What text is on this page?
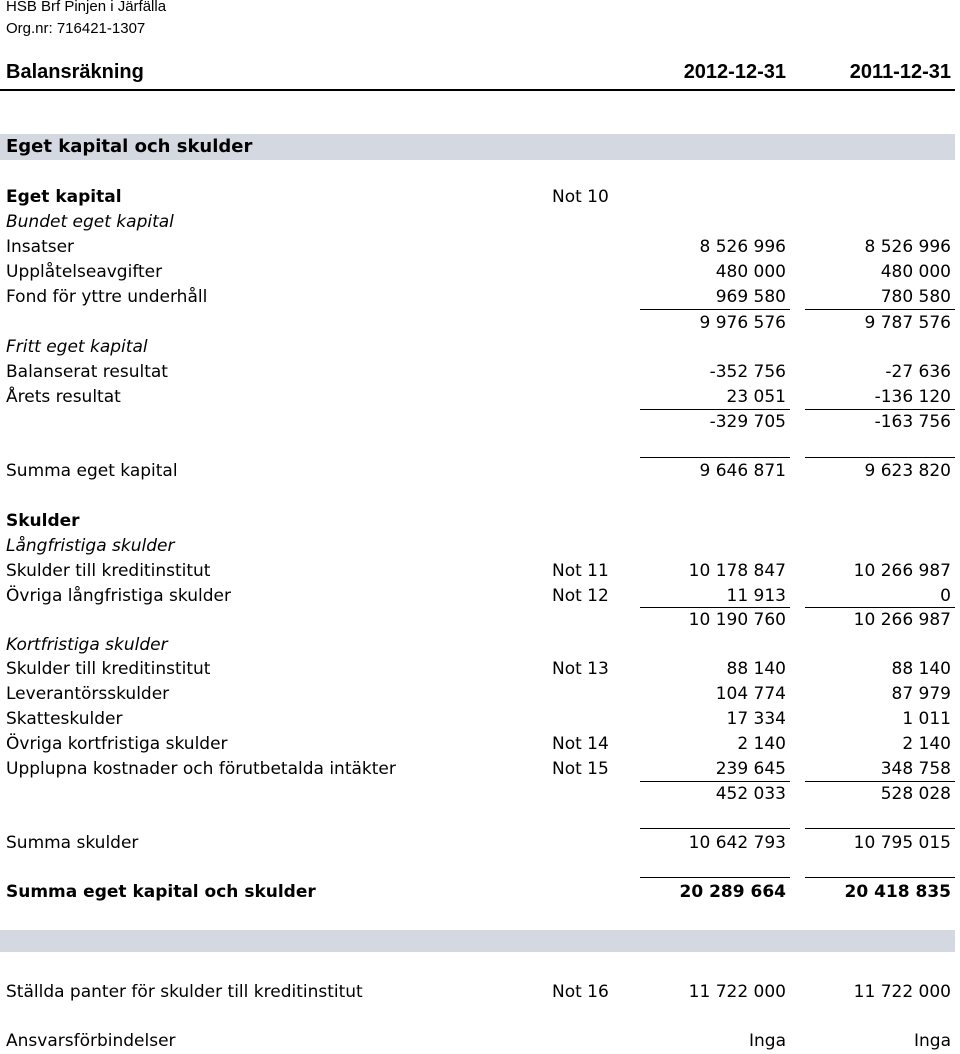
HSB Brf Pinjen i Järfälla
Org.nr: 716421-1307
Balansräkning	2012-12-31	2011-12-31
Eget kapital och skulder
Eget kapital	Not 10
Bundet eget kapital
Insatser	8 526 996	8 526 996
Upplåtelseavgifter	480 000	480 000
Fond för yttre underhåll	969 580	780 580
9 976 576	9 787 576
Fritt eget kapital
Balanserat resultat	-352 756	-27 636
Årets resultat	23 051	-136 120
-329 705	-163 756
Summa eget kapital	9 646 871	9 623 820
Skulder
Långfristiga skulder
Skulder till kreditinstitut	Not 11	10 178 847	10 266 987
Övriga långfristiga skulder	Not 12	11 913	0
10 190 760	10 266 987
Kortfristiga skulder
Skulder till kreditinstitut	Not 13	88 140	88 140
Leverantörsskulder	104 774	87 979
Skatteskulder	17 334	1 011
Övriga kortfristiga skulder	Not 14	2 140	2 140
Upplupna kostnader och förutbetalda intäkter	Not 15	239 645	348 758
452 033	528 028
Summa skulder	10 642 793	10 795 015
Summa eget kapital och skulder	20 289 664	20 418 835
Ställda panter för skulder till kreditinstitut	Not 16	11 722 000	11 722 000
Ansvarsförbindelser	Inga	Inga
